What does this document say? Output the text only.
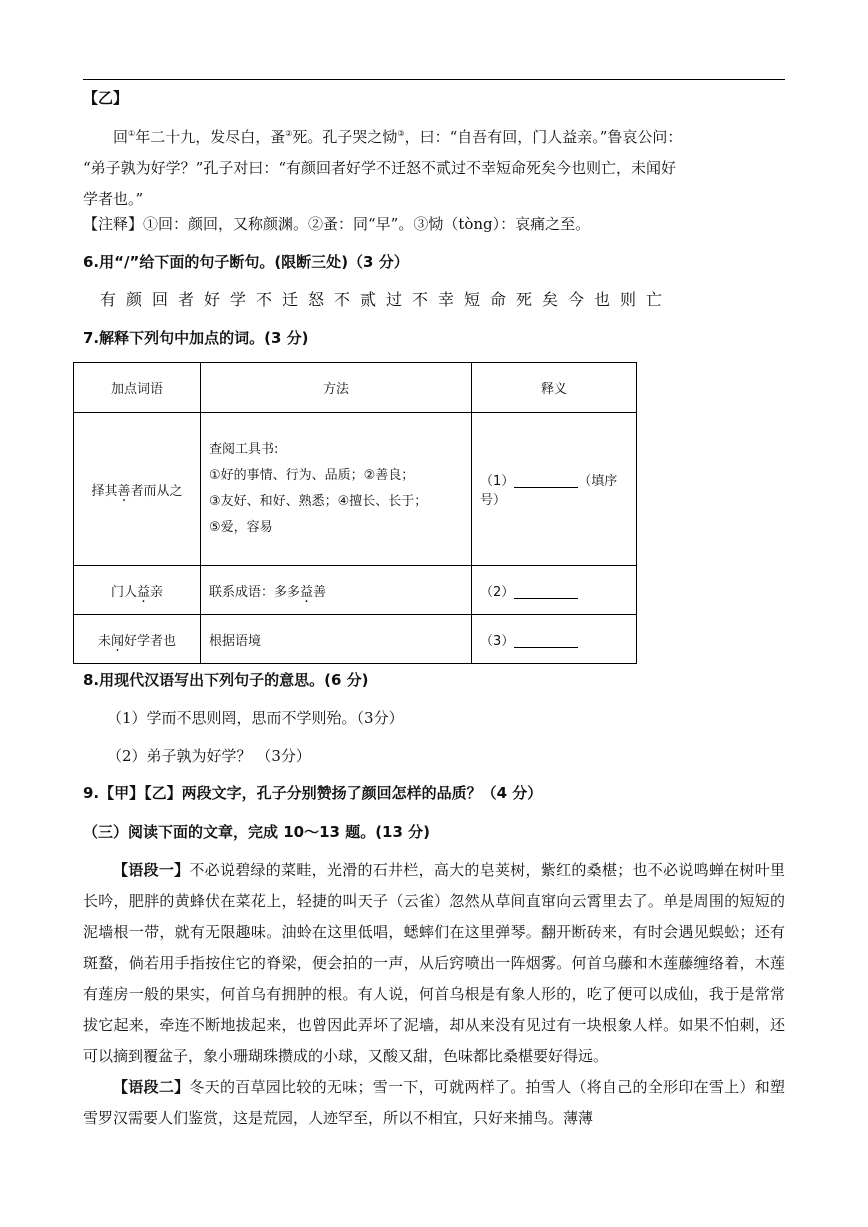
【乙】

回①年二十九，发尽白，蚤②死。孔子哭之恸③，曰：“自吾有回，门人益亲。”鲁哀公问：

“弟子孰为好学？”孔子对曰：“有颜回者好学不迁怒不贰过不幸短命死矣今也则亡，未闻好

学者也。”

【注释】①回：颜回，又称颜渊。②蚤：同“早”。③恸（tòng）：哀痛之至。
6.用“/”给下面的句子断句。(限断三处)（3 分）
有颜回者好学不迁怒不贰过不幸短命死矣今也则亡
7.解释下列句中加点的词。(3 分)
加点词语	方法	释义
择其善者而从之	查阅工具书:
①好的事情、行为、品质；②善良；
③友好、和好、熟悉；④擅长、长于；
⑤爱，容易	（1） （填序号）
门人益亲	联系成语：多多益善	（2）
未闻好学者也	根据语境	（3）
8.用现代汉语写出下列句子的意思。(6 分)
（1）学而不思则罔，思而不学则殆。（3分）
（2）弟子孰为好学？ （3分）
9.【甲】【乙】两段文字，孔子分别赞扬了颜回怎样的品质？（4 分）
（三）阅读下面的文章，完成 10～13 题。(13 分)

【语段一】不必说碧绿的菜畦，光滑的石井栏，高大的皂荚树，紫红的桑椹；也不必说鸣蝉在树叶里长吟，肥胖的黄蜂伏在菜花上，轻捷的叫天子（云雀）忽然从草间直窜向云霄里去了。单是周围的短短的泥墙根一带，就有无限趣味。油蛉在这里低唱，蟋蟀们在这里弹琴。翻开断砖来，有时会遇见蜈蚣；还有斑蝥，倘若用手指按住它的脊梁，便会拍的一声，从后窍喷出一阵烟雾。何首乌藤和木莲藤缠络着，木莲有莲房一般的果实，何首乌有拥肿的根。有人说，何首乌根是有象人形的，吃了便可以成仙，我于是常常拔它起来，牵连不断地拔起来，也曾因此弄坏了泥墙，却从来没有见过有一块根象人样。如果不怕刺，还可以摘到覆盆子，象小珊瑚珠攒成的小球，又酸又甜，色味都比桑椹要好得远。

【语段二】冬天的百草园比较的无味；雪一下，可就两样了。拍雪人（将自己的全形印在雪上）和塑雪罗汉需要人们鉴赏，这是荒园，人迹罕至，所以不相宜，只好来捕鸟。薄薄
